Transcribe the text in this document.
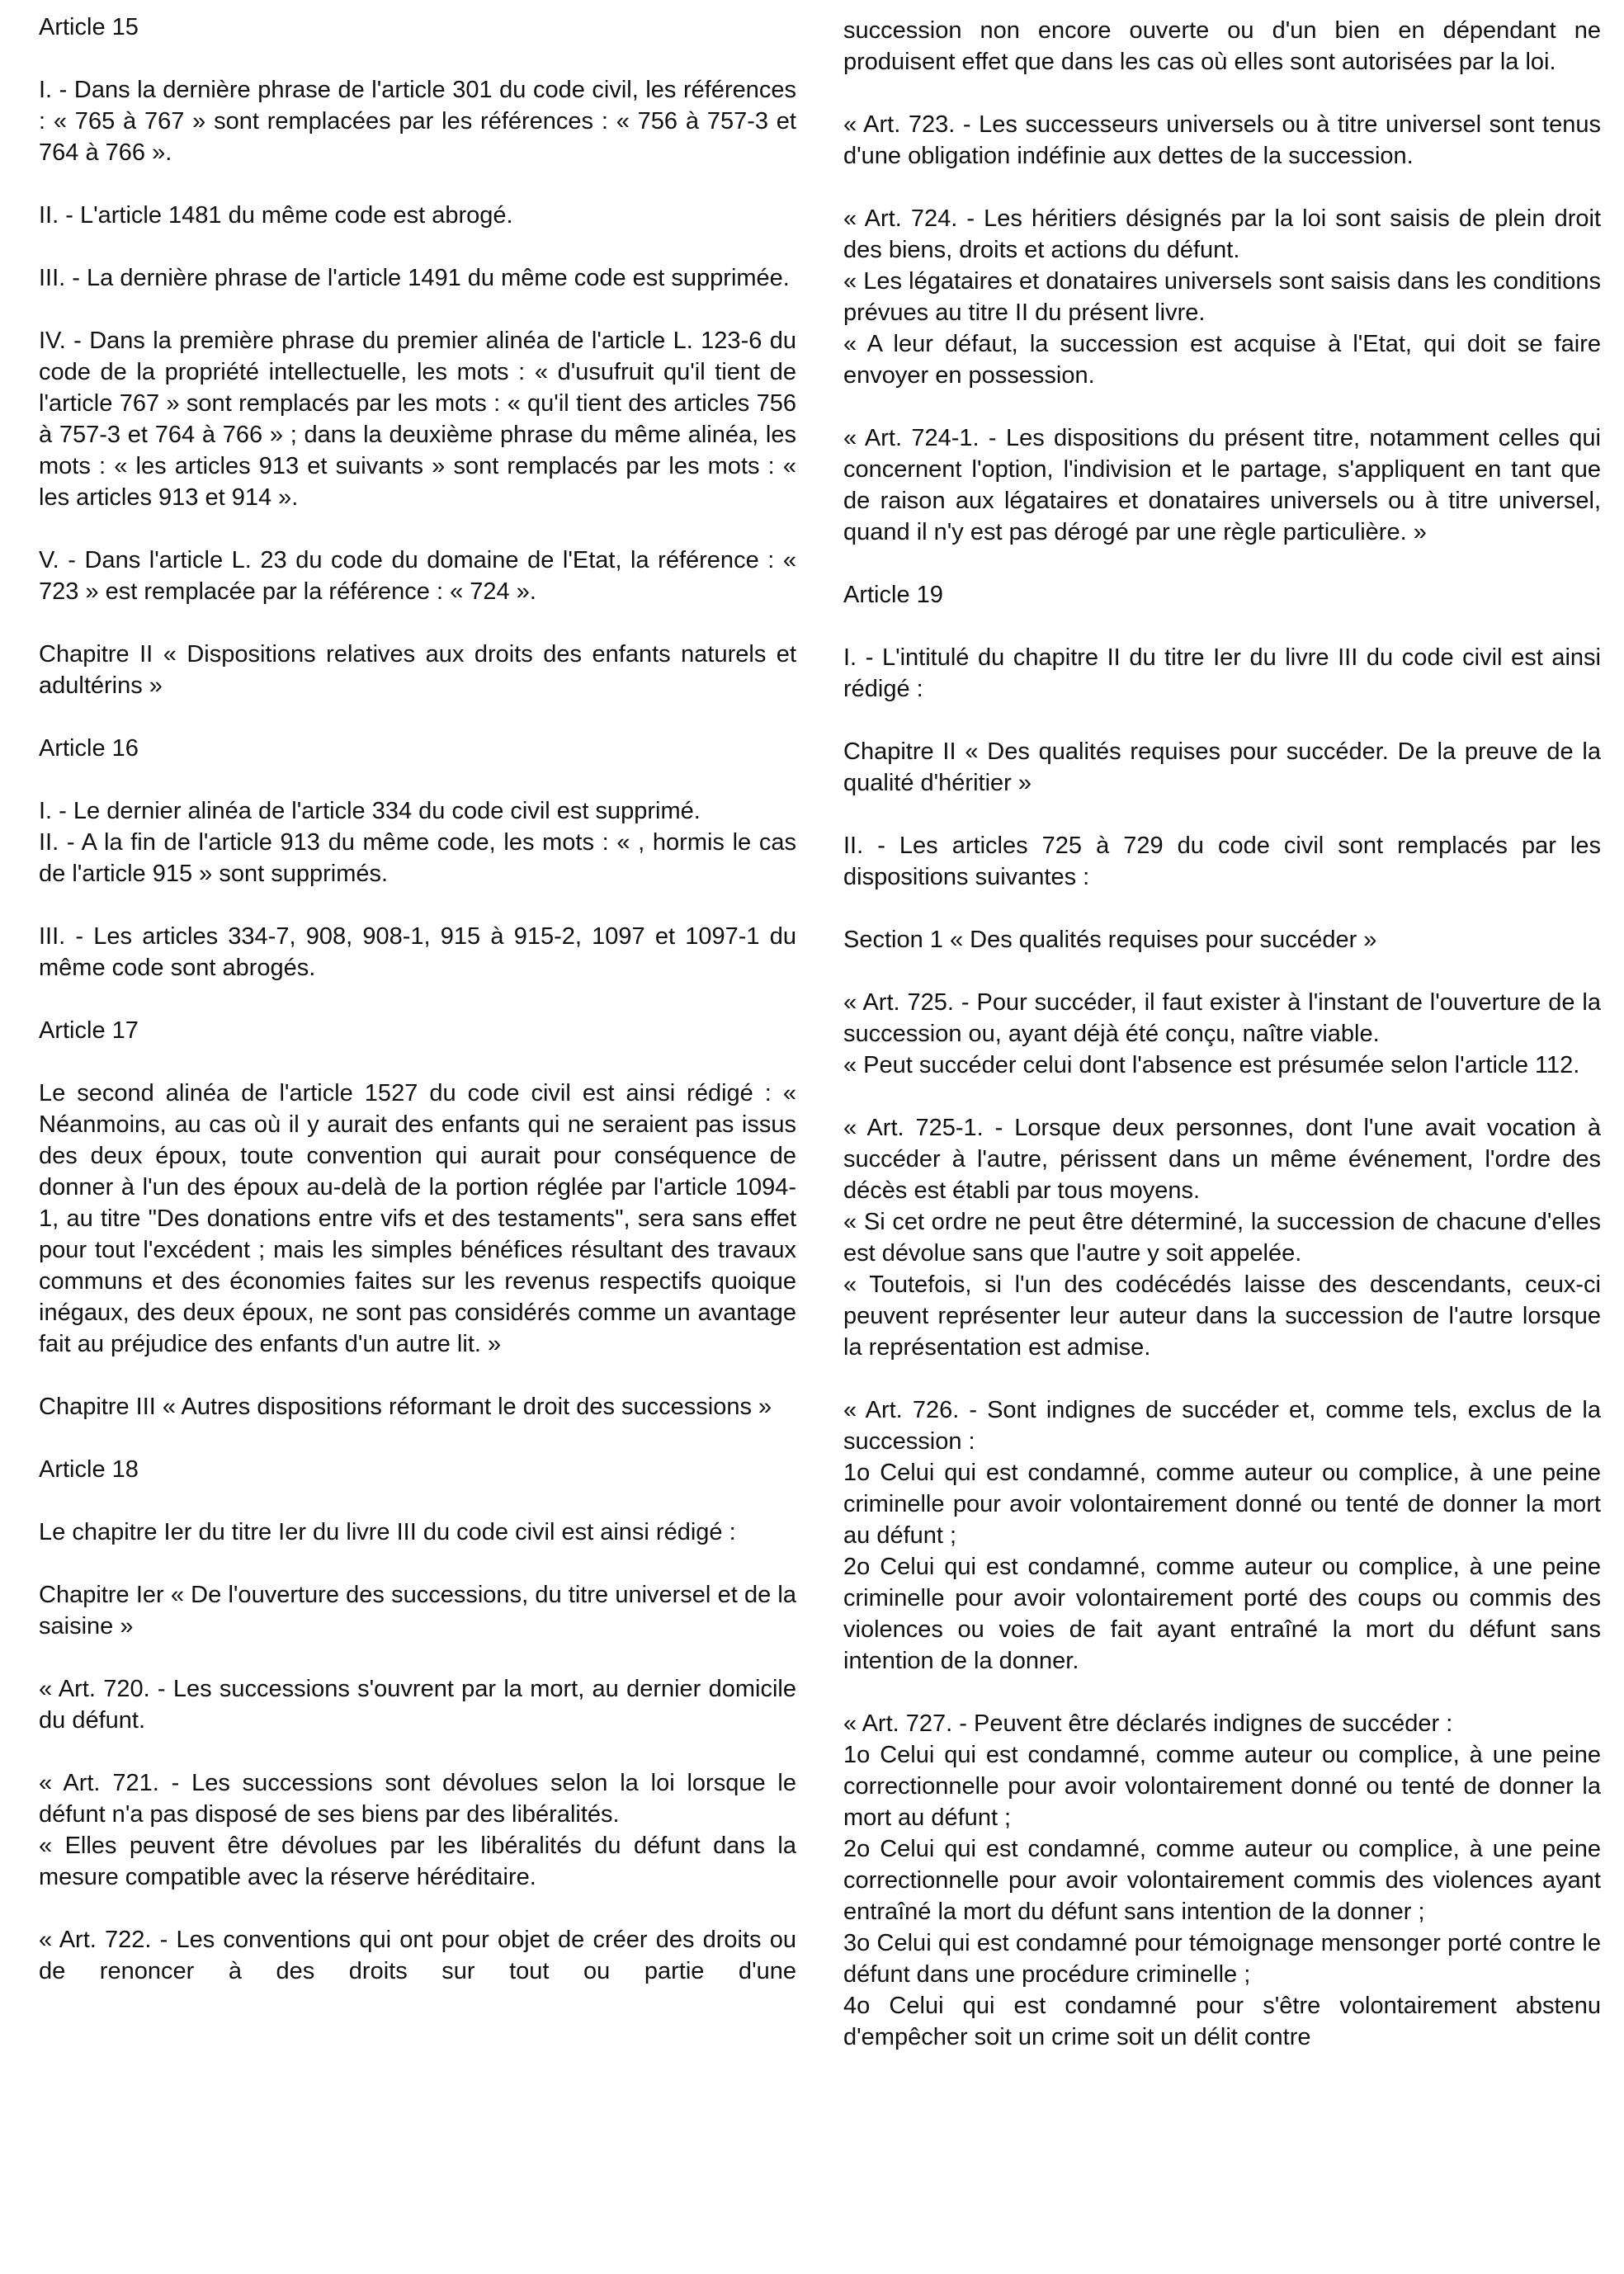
Article 15

I. - Dans la dernière phrase de l'article 301 du code civil, les références : « 765 à 767 » sont remplacées par les références : « 756 à 757-3 et 764 à 766 ».

II. - L'article 1481 du même code est abrogé.

III. - La dernière phrase de l'article 1491 du même code est supprimée.

IV. - Dans la première phrase du premier alinéa de l'article L. 123-6 du code de la propriété intellectuelle, les mots : « d'usufruit qu'il tient de l'article 767 » sont remplacés par les mots : « qu'il tient des articles 756 à 757-3 et 764 à 766 » ; dans la deuxième phrase du même alinéa, les mots : « les articles 913 et suivants » sont remplacés par les mots : « les articles 913 et 914 ».

V. - Dans l'article L. 23 du code du domaine de l'Etat, la référence : « 723 » est remplacée par la référence : « 724 ».

Chapitre II « Dispositions relatives aux droits des enfants naturels et adultérins »

Article 16

I. - Le dernier alinéa de l'article 334 du code civil est supprimé.

II. - A la fin de l'article 913 du même code, les mots : « , hormis le cas de l'article 915 » sont supprimés.

III. - Les articles 334-7, 908, 908-1, 915 à 915-2, 1097 et 1097-1 du même code sont abrogés.

Article 17

Le second alinéa de l'article 1527 du code civil est ainsi rédigé : « Néanmoins, au cas où il y aurait des enfants qui ne seraient pas issus des deux époux, toute convention qui aurait pour conséquence de donner à l'un des époux au-delà de la portion réglée par l'article 1094-1, au titre "Des donations entre vifs et des testaments", sera sans effet pour tout l'excédent ; mais les simples bénéfices résultant des travaux communs et des économies faites sur les revenus respectifs quoique inégaux, des deux époux, ne sont pas considérés comme un avantage fait au préjudice des enfants d'un autre lit. »

Chapitre III « Autres dispositions réformant le droit des successions »

Article 18

Le chapitre Ier du titre Ier du livre III du code civil est ainsi rédigé :

Chapitre Ier « De l'ouverture des successions, du titre universel et de la saisine »

« Art. 720. - Les successions s'ouvrent par la mort, au dernier domicile du défunt.

« Art. 721. - Les successions sont dévolues selon la loi lorsque le défunt n'a pas disposé de ses biens par des libéralités.

« Elles peuvent être dévolues par les libéralités du défunt dans la mesure compatible avec la réserve héréditaire.

« Art. 722. - Les conventions qui ont pour objet de créer des droits ou de renoncer à des droits sur tout ou partie d'une

succession non encore ouverte ou d'un bien en dépendant ne produisent effet que dans les cas où elles sont autorisées par la loi.

« Art. 723. - Les successeurs universels ou à titre universel sont tenus d'une obligation indéfinie aux dettes de la succession.

« Art. 724. - Les héritiers désignés par la loi sont saisis de plein droit des biens, droits et actions du défunt.

« Les légataires et donataires universels sont saisis dans les conditions prévues au titre II du présent livre.

« A leur défaut, la succession est acquise à l'Etat, qui doit se faire envoyer en possession.

« Art. 724-1. - Les dispositions du présent titre, notamment celles qui concernent l'option, l'indivision et le partage, s'appliquent en tant que de raison aux légataires et donataires universels ou à titre universel, quand il n'y est pas dérogé par une règle particulière. »

Article 19

I. - L'intitulé du chapitre II du titre Ier du livre III du code civil est ainsi rédigé :

Chapitre II « Des qualités requises pour succéder. De la preuve de la qualité d'héritier »

II. - Les articles 725 à 729 du code civil sont remplacés par les dispositions suivantes :

Section 1 « Des qualités requises pour succéder »

« Art. 725. - Pour succéder, il faut exister à l'instant de l'ouverture de la succession ou, ayant déjà été conçu, naître viable.

« Peut succéder celui dont l'absence est présumée selon l'article 112.

« Art. 725-1. - Lorsque deux personnes, dont l'une avait vocation à succéder à l'autre, périssent dans un même événement, l'ordre des décès est établi par tous moyens.

« Si cet ordre ne peut être déterminé, la succession de chacune d'elles est dévolue sans que l'autre y soit appelée.

« Toutefois, si l'un des codécédés laisse des descendants, ceux-ci peuvent représenter leur auteur dans la succession de l'autre lorsque la représentation est admise.

« Art. 726. - Sont indignes de succéder et, comme tels, exclus de la succession :

1o Celui qui est condamné, comme auteur ou complice, à une peine criminelle pour avoir volontairement donné ou tenté de donner la mort au défunt ;

2o Celui qui est condamné, comme auteur ou complice, à une peine criminelle pour avoir volontairement porté des coups ou commis des violences ou voies de fait ayant entraîné la mort du défunt sans intention de la donner.

« Art. 727. - Peuvent être déclarés indignes de succéder :

1o Celui qui est condamné, comme auteur ou complice, à une peine correctionnelle pour avoir volontairement donné ou tenté de donner la mort au défunt ;

2o Celui qui est condamné, comme auteur ou complice, à une peine correctionnelle pour avoir volontairement commis des violences ayant entraîné la mort du défunt sans intention de la donner ;

3o Celui qui est condamné pour témoignage mensonger porté contre le défunt dans une procédure criminelle ;

4o Celui qui est condamné pour s'être volontairement abstenu d'empêcher soit un crime soit un délit contre
